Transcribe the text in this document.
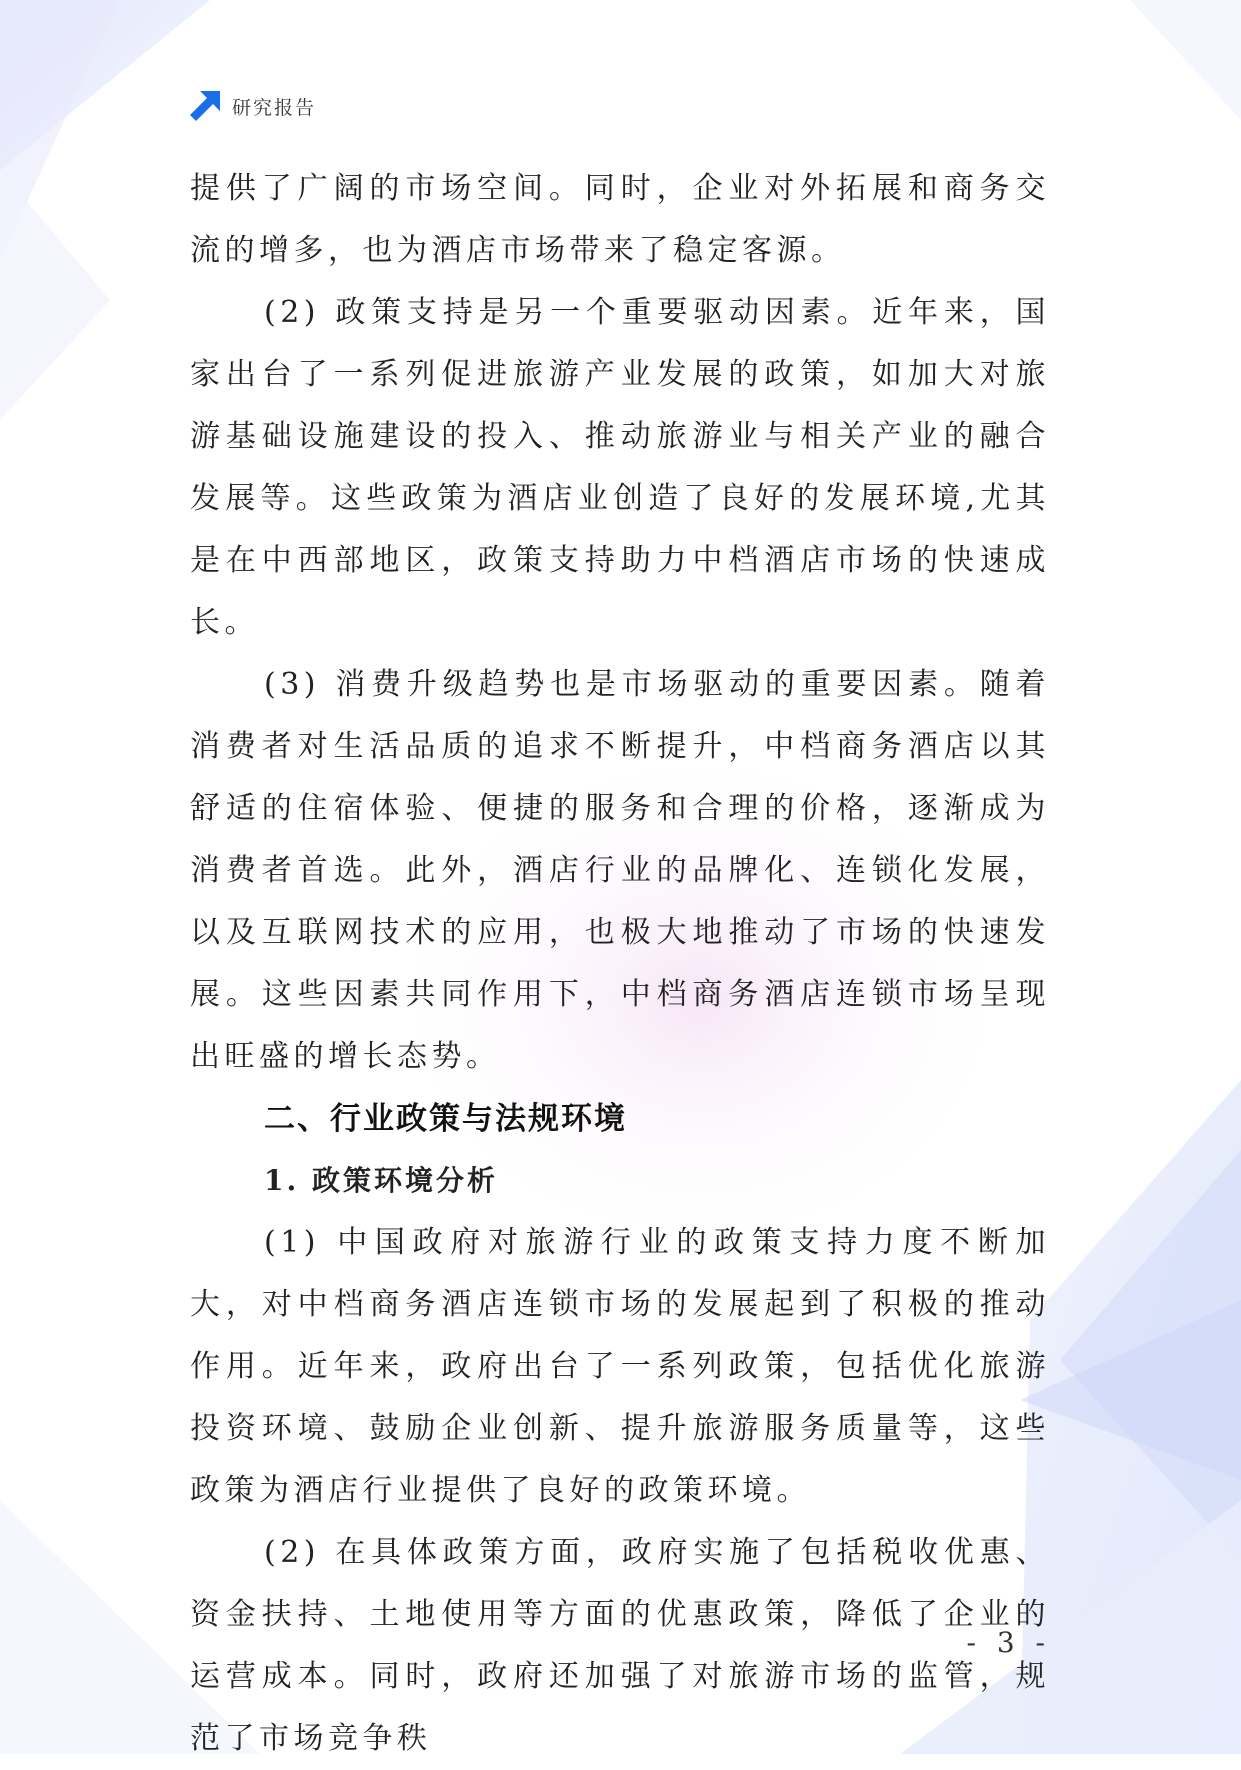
研究报告

提供了广阔的市场空间。同时，企业对外拓展和商务交流的增多，也为酒店市场带来了稳定客源。

(2) 政策支持是另一个重要驱动因素。近年来，国家出台了一系列促进旅游产业发展的政策，如加大对旅游基础设施建设的投入、推动旅游业与相关产业的融合发展等。这些政策为酒店业创造了良好的发展环境,尤其是在中西部地区，政策支持助力中档酒店市场的快速成长。

(3) 消费升级趋势也是市场驱动的重要因素。随着消费者对生活品质的追求不断提升，中档商务酒店以其舒适的住宿体验、便捷的服务和合理的价格，逐渐成为消费者首选。此外，酒店行业的品牌化、连锁化发展，以及互联网技术的应用，也极大地推动了市场的快速发展。这些因素共同作用下，中档商务酒店连锁市场呈现出旺盛的增长态势。

二、行业政策与法规环境
1. 政策环境分析

(1) 中国政府对旅游行业的政策支持力度不断加大，对中档商务酒店连锁市场的发展起到了积极的推动作用。近年来，政府出台了一系列政策，包括优化旅游投资环境、鼓励企业创新、提升旅游服务质量等，这些政策为酒店行业提供了良好的政策环境。

(2) 在具体政策方面，政府实施了包括税收优惠、资金扶持、土地使用等方面的优惠政策，降低了企业的运营成本。同时，政府还加强了对旅游市场的监管，规范了市场竞争秩

- 3 -
